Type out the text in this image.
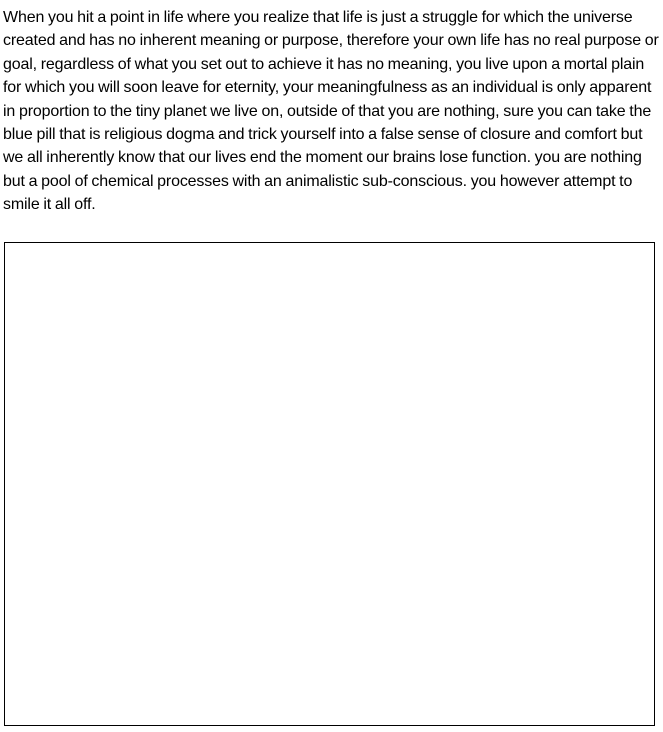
When you hit a point in life where you realize that life is just a struggle for which the universe created and has no inherent meaning or purpose, therefore your own life has no real purpose or goal, regardless of what you set out to achieve it has no meaning, you live upon a mortal plain for which you will soon leave for eternity, your meaningfulness as an individual is only apparent in proportion to the tiny planet we live on, outside of that you are nothing, sure you can take the blue pill that is religious dogma and trick yourself into a false sense of closure and comfort but we all inherently know that our lives end the moment our brains lose function. you are nothing but a pool of chemical processes with an animalistic sub-conscious. you however attempt to smile it all off.
